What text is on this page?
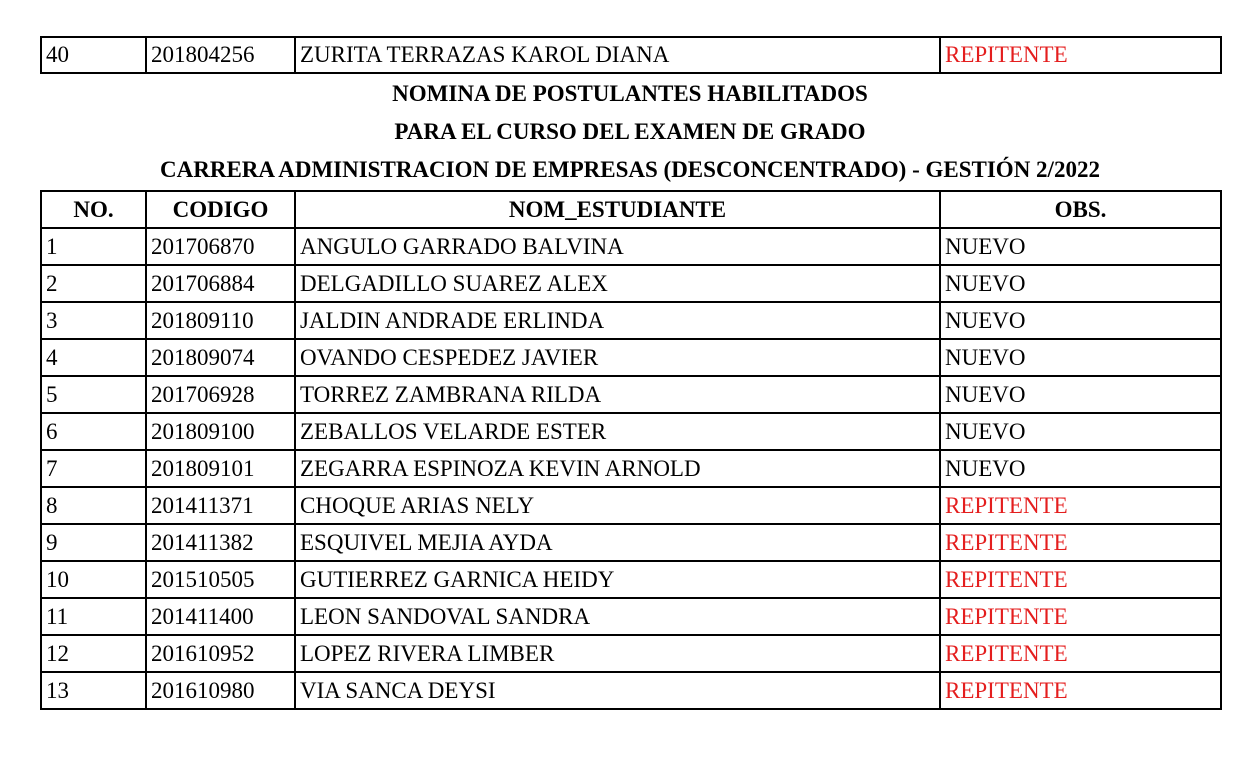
40	201804256	ZURITA TERRAZAS KAROL DIANA	REPITENTE
NOMINA DE POSTULANTES HABILITADOS
PARA EL CURSO DEL EXAMEN DE GRADO
CARRERA ADMINISTRACION DE EMPRESAS (DESCONCENTRADO) - GESTIÓN 2/2022
NO.	CODIGO	NOM_ESTUDIANTE	OBS.
1	201706870	ANGULO GARRADO BALVINA	NUEVO
2	201706884	DELGADILLO SUAREZ ALEX	NUEVO
3	201809110	JALDIN ANDRADE ERLINDA	NUEVO
4	201809074	OVANDO CESPEDEZ JAVIER	NUEVO
5	201706928	TORREZ ZAMBRANA RILDA	NUEVO
6	201809100	ZEBALLOS VELARDE ESTER	NUEVO
7	201809101	ZEGARRA ESPINOZA KEVIN ARNOLD	NUEVO
8	201411371	CHOQUE ARIAS NELY	REPITENTE
9	201411382	ESQUIVEL MEJIA AYDA	REPITENTE
10	201510505	GUTIERREZ GARNICA HEIDY	REPITENTE
11	201411400	LEON SANDOVAL SANDRA	REPITENTE
12	201610952	LOPEZ RIVERA LIMBER	REPITENTE
13	201610980	VIA SANCA DEYSI	REPITENTE
